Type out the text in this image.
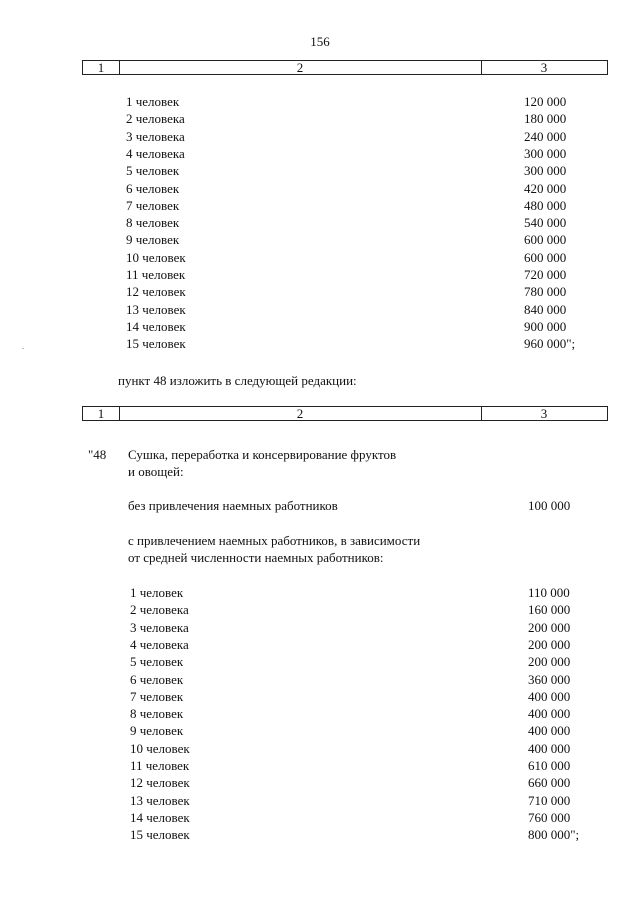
156
1	2	3
1 человек	120 000
2 человека	180 000
3 человека	240 000
4 человека	300 000
5 человек	300 000
6 человек	420 000
7 человек	480 000
8 человек	540 000
9 человек	600 000
10 человек	600 000
11 человек	720 000
12 человек	780 000
13 человек	840 000
14 человек	900 000
15 человек	960 000";
пункт 48 изложить в следующей редакции:
1	2	3
"48 Сушка, переработка и консервирование фруктов
и овощей:
без привлечения наемных работников	100 000
с привлечением наемных работников, в зависимости
от средней численности наемных работников:
1 человек	110 000
2 человека	160 000
3 человека	200 000
4 человека	200 000
5 человек	200 000
6 человек	360 000
7 человек	400 000
8 человек	400 000
9 человек	400 000
10 человек	400 000
11 человек	610 000
12 человек	660 000
13 человек	710 000
14 человек	760 000
15 человек	800 000";
